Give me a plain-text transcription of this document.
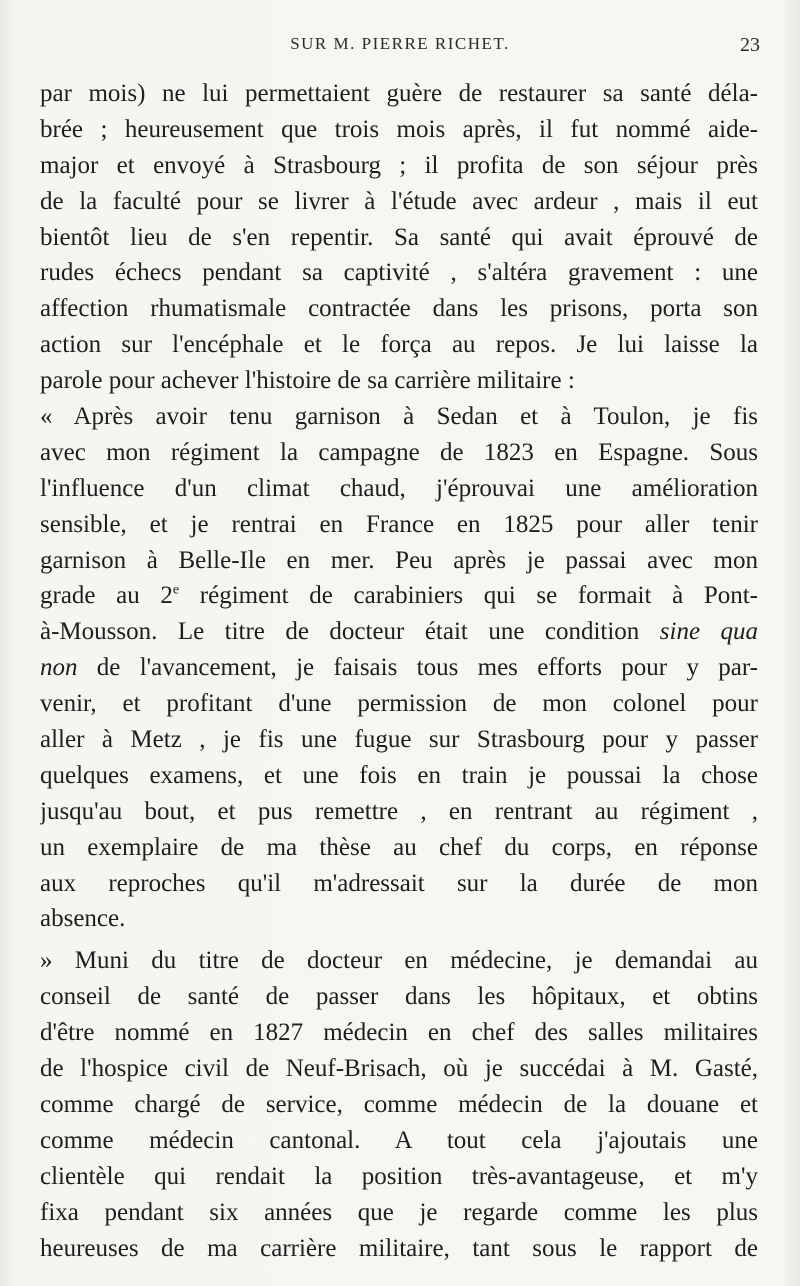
SUR M. PIERRE RICHET.	23
par mois) ne lui permettaient guère de restaurer sa santé déla-
brée ; heureusement que trois mois après, il fut nommé aide-
major et envoyé à Strasbourg ; il profita de son séjour près
de la faculté pour se livrer à l'étude avec ardeur , mais il eut
bientôt lieu de s'en repentir. Sa santé qui avait éprouvé de
rudes échecs pendant sa captivité , s'altéra gravement : une
affection rhumatismale contractée dans les prisons, porta son
action sur l'encéphale et le força au repos. Je lui laisse la
parole pour achever l'histoire de sa carrière militaire :
« Après avoir tenu garnison à Sedan et à Toulon, je fis
avec mon régiment la campagne de 1823 en Espagne. Sous
l'influence d'un climat chaud, j'éprouvai une amélioration
sensible, et je rentrai en France en 1825 pour aller tenir
garnison à Belle-Ile en mer. Peu après je passai avec mon
grade au 2e régiment de carabiniers qui se formait à Pont-
à-Mousson. Le titre de docteur était une condition sine qua
non de l'avancement, je faisais tous mes efforts pour y par-
venir, et profitant d'une permission de mon colonel pour
aller à Metz , je fis une fugue sur Strasbourg pour y passer
quelques examens, et une fois en train je poussai la chose
jusqu'au bout, et pus remettre , en rentrant au régiment ,
un exemplaire de ma thèse au chef du corps, en réponse
aux reproches qu'il m'adressait sur la durée de mon
absence.
» Muni du titre de docteur en médecine, je demandai au
conseil de santé de passer dans les hôpitaux, et obtins
d'être nommé en 1827 médecin en chef des salles militaires
de l'hospice civil de Neuf-Brisach, où je succédai à M. Gasté,
comme chargé de service, comme médecin de la douane et
comme médecin cantonal. A tout cela j'ajoutais une
clientèle qui rendait la position très-avantageuse, et m'y
fixa pendant six années que je regarde comme les plus
heureuses de ma carrière militaire, tant sous le rapport de
